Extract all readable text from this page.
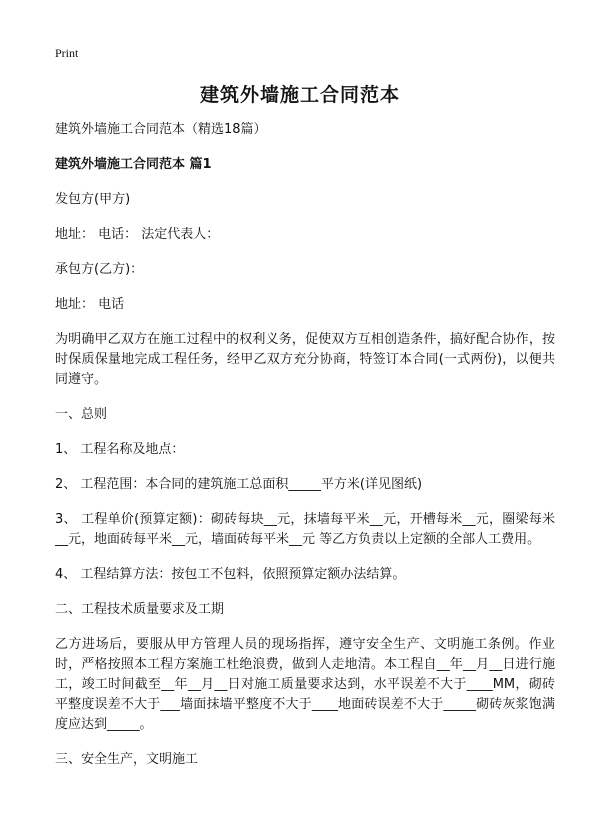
Print
建筑外墙施工合同范本

建筑外墙施工合同范本（精选18篇）

建筑外墙施工合同范本 篇1

发包方(甲方)

地址： 电话： 法定代表人：

承包方(乙方)：

地址： 电话

为明确甲乙双方在施工过程中的权利义务，促使双方互相创造条件，搞好配合协作，按时保质保量地完成工程任务，经甲乙双方充分协商，特签订本合同(一式两份)，以便共同遵守。

一、总则

1、 工程名称及地点：

2、 工程范围：本合同的建筑施工总面积_____平方米(详见图纸)

3、 工程单价(预算定额)：砌砖每块__元，抹墙每平米__元，开槽每米__元，圈梁每米__元，地面砖每平米__元，墙面砖每平米__元 等乙方负责以上定额的全部人工费用。

4、 工程结算方法：按包工不包料，依照预算定额办法结算。

二、工程技术质量要求及工期

乙方进场后，要服从甲方管理人员的现场指挥，遵守安全生产、文明施工条例。作业时，严格按照本工程方案施工杜绝浪费，做到人走地清。本工程自__年__月__日进行施工，竣工时间截至__年__月__日对施工质量要求达到，水平误差不大于____MM，砌砖平整度误差不大于___墙面抹墙平整度不大于____地面砖误差不大于_____砌砖灰浆饱满度应达到_____。

三、安全生产，文明施工
